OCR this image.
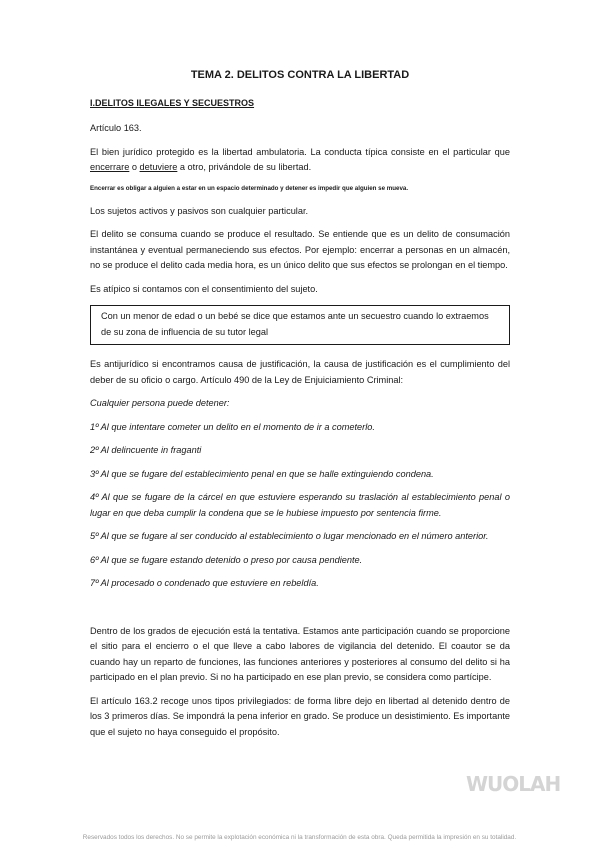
TEMA 2. DELITOS CONTRA LA LIBERTAD
I.DELITOS ILEGALES Y SECUESTROS

Artículo 163.

El bien jurídico protegido es la libertad ambulatoria. La conducta típica consiste en el particular que encerrare o detuviere a otro, privándole de su libertad.

Encerrar es obligar a alguien a estar en un espacio determinado y detener es impedir que alguien se mueva.

Los sujetos activos y pasivos son cualquier particular.

El delito se consuma cuando se produce el resultado. Se entiende que es un delito de consumación instantánea y eventual permaneciendo sus efectos. Por ejemplo: encerrar a personas en un almacén, no se produce el delito cada media hora, es un único delito que sus efectos se prolongan en el tiempo.

Es atípico si contamos con el consentimiento del sujeto.

Con un menor de edad o un bebé se dice que estamos ante un secuestro cuando lo extraemos de su zona de influencia de su tutor legal

Es antijurídico si encontramos causa de justificación, la causa de justificación es el cumplimiento del deber de su oficio o cargo. Artículo 490 de la Ley de Enjuiciamiento Criminal:

Cualquier persona puede detener:

1º Al que intentare cometer un delito en el momento de ir a cometerlo.

2º Al delincuente in fraganti

3º Al que se fugare del establecimiento penal en que se halle extinguiendo condena.

4º Al que se fugare de la cárcel en que estuviere esperando su traslación al establecimiento penal o lugar en que deba cumplir la condena que se le hubiese impuesto por sentencia firme.

5º Al que se fugare al ser conducido al establecimiento o lugar mencionado en el número anterior.

6º Al que se fugare estando detenido o preso por causa pendiente.

7º Al procesado o condenado que estuviere en rebeldía.

Dentro de los grados de ejecución está la tentativa. Estamos ante participación cuando se proporcione el sitio para el encierro o el que lleve a cabo labores de vigilancia del detenido. El coautor se da cuando hay un reparto de funciones, las funciones anteriores y posteriores al consumo del delito si ha participado en el plan previo. Si no ha participado en ese plan previo, se considera como partícipe.

El artículo 163.2 recoge unos tipos privilegiados: de forma libre dejo en libertad al detenido dentro de los 3 primeros días. Se impondrá la pena inferior en grado. Se produce un desistimiento. Es importante que el sujeto no haya conseguido el propósito.

WUOLAH
Reservados todos los derechos. No se permite la explotación económica ni la transformación de esta obra. Queda permitida la impresión en su totalidad.
